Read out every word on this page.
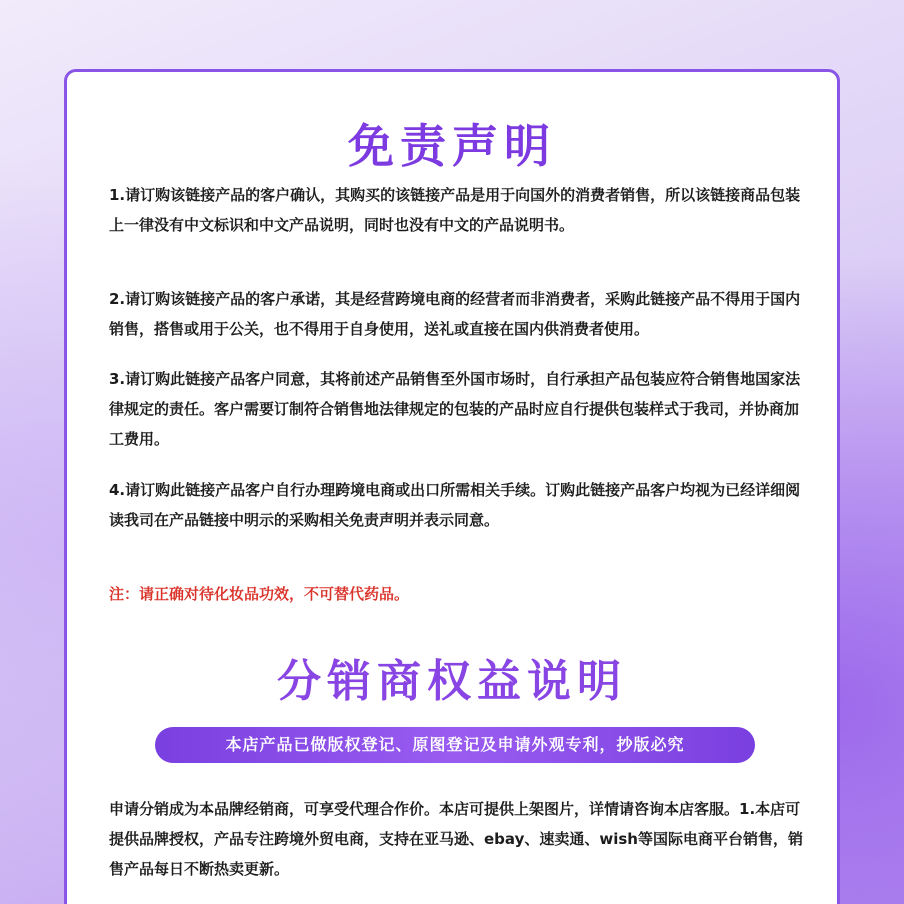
免责声明

1.请订购该链接产品的客户确认，其购买的该链接产品是用于向国外的消费者销售，所以该链接商品包装上一律没有中文标识和中文产品说明，同时也没有中文的产品说明书。

2.请订购该链接产品的客户承诺，其是经营跨境电商的经营者而非消费者，采购此链接产品不得用于国内销售，搭售或用于公关，也不得用于自身使用，送礼或直接在国内供消费者使用。

3.请订购此链接产品客户同意，其将前述产品销售至外国市场时，自行承担产品包装应符合销售地国家法律规定的责任。客户需要订制符合销售地法律规定的包装的产品时应自行提供包装样式于我司，并协商加工费用。

4.请订购此链接产品客户自行办理跨境电商或出口所需相关手续。订购此链接产品客户均视为已经详细阅读我司在产品链接中明示的采购相关免责声明并表示同意。

注：请正确对待化妆品功效，不可替代药品。

分销商权益说明
本店产品已做版权登记、原图登记及申请外观专利，抄版必究

申请分销成为本品牌经销商，可享受代理合作价。本店可提供上架图片，详情请咨询本店客服。1.本店可提供品牌授权，产品专注跨境外贸电商，支持在亚马逊、ebay、速卖通、wish等国际电商平台销售，销售产品每日不断热卖更新。
